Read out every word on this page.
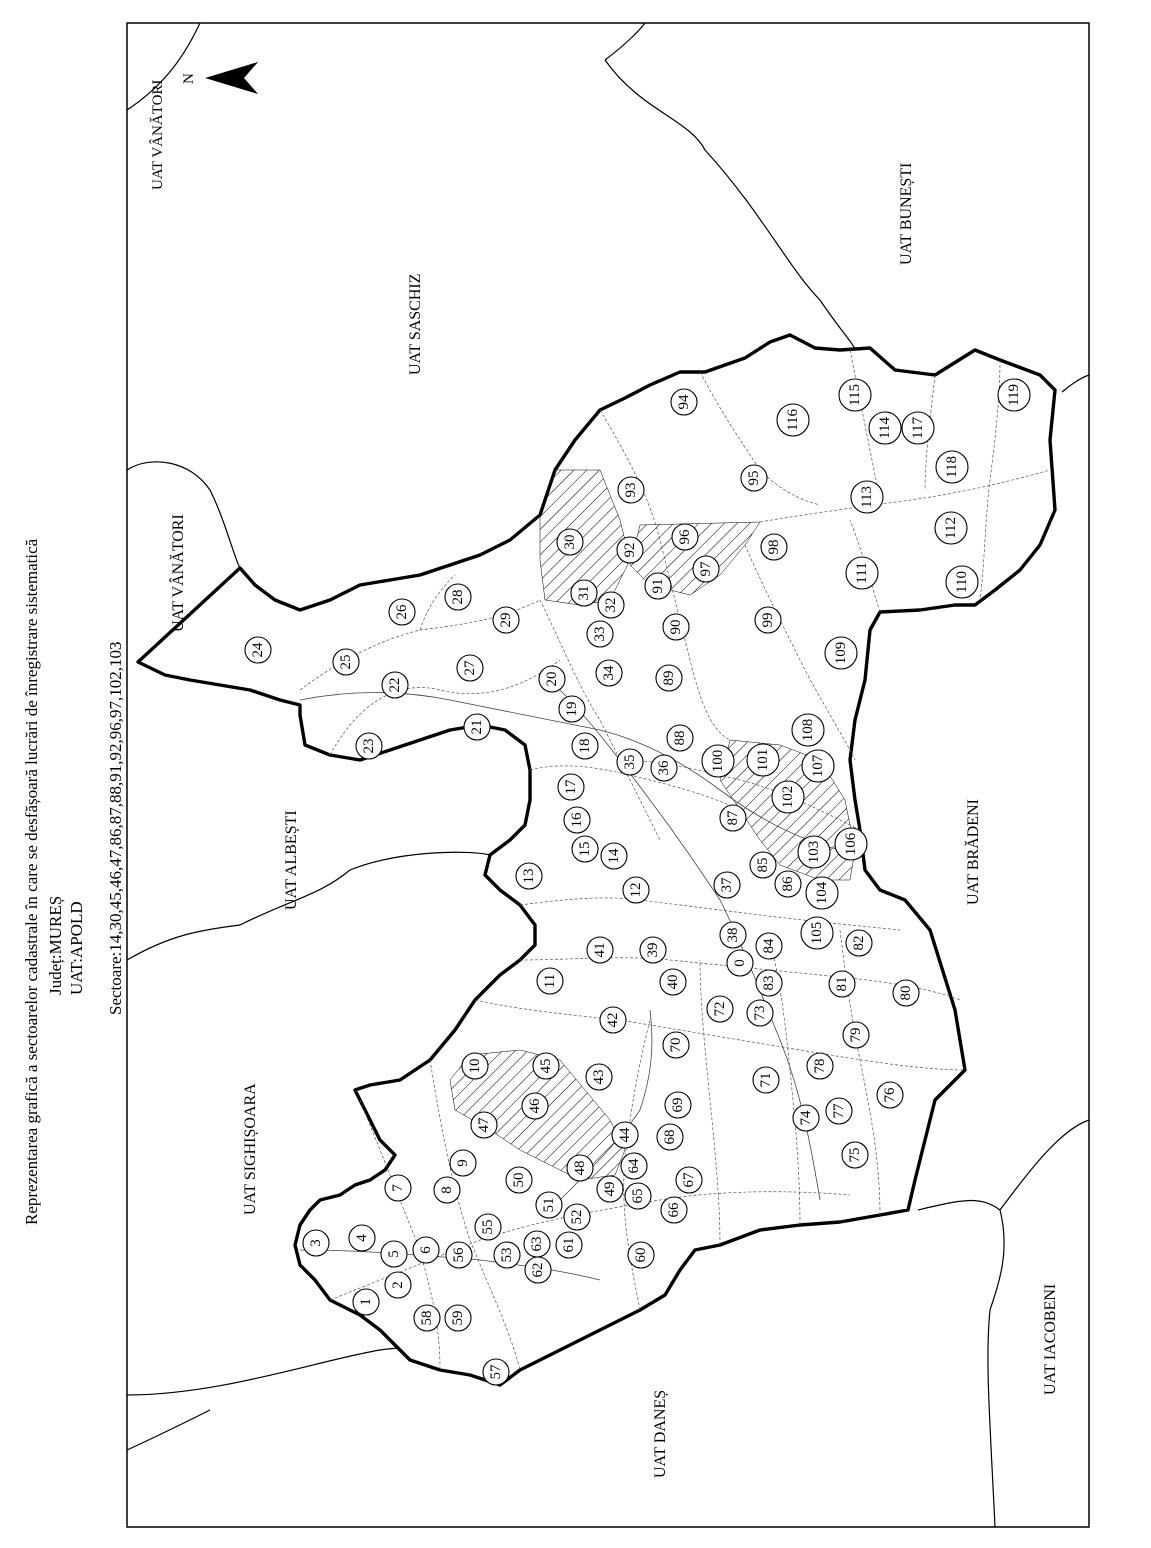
Reprezentarea grafică a sectoarelor cadastrale în care se desfășoară lucrări de înregistrare sistematică Județ:MUREȘ UAT:APOLD Sectoare:14,30,45,46,47,86,87,88,91,92,96,97,102,103
N
UAT VÂNĂTORI
UAT BUNEȘTI
UAT SASCHIZ
UAT VÂNĂTORI
UAT ALBEȘTI	UAT BRĂDENI
UAT SIGHIȘOARA
UAT DANEȘ
UAT IACOBENI
0
1
2
3
4
5
6
7 8
9
10
11
12
13
14
15
16
17
18
19
20
21
22
23
24
25
26
27
28
29
30
31
32
33
34
35 36
37
38
39
40
41
42
43
44
45
46
47
48
49
50
51
52
53
55
56
57
58 59
60
61
62
63
64
65
66
67
68
69
70
71
72 73
74
75
76
77
78
79
80
81
82
83
84
85
86
87
88
89
90
91
92
93
94
95
96
97
98
99
100 101
102
103
104
105
106
107
108
109
110
111
112
113
114
115
116	117
118
119
